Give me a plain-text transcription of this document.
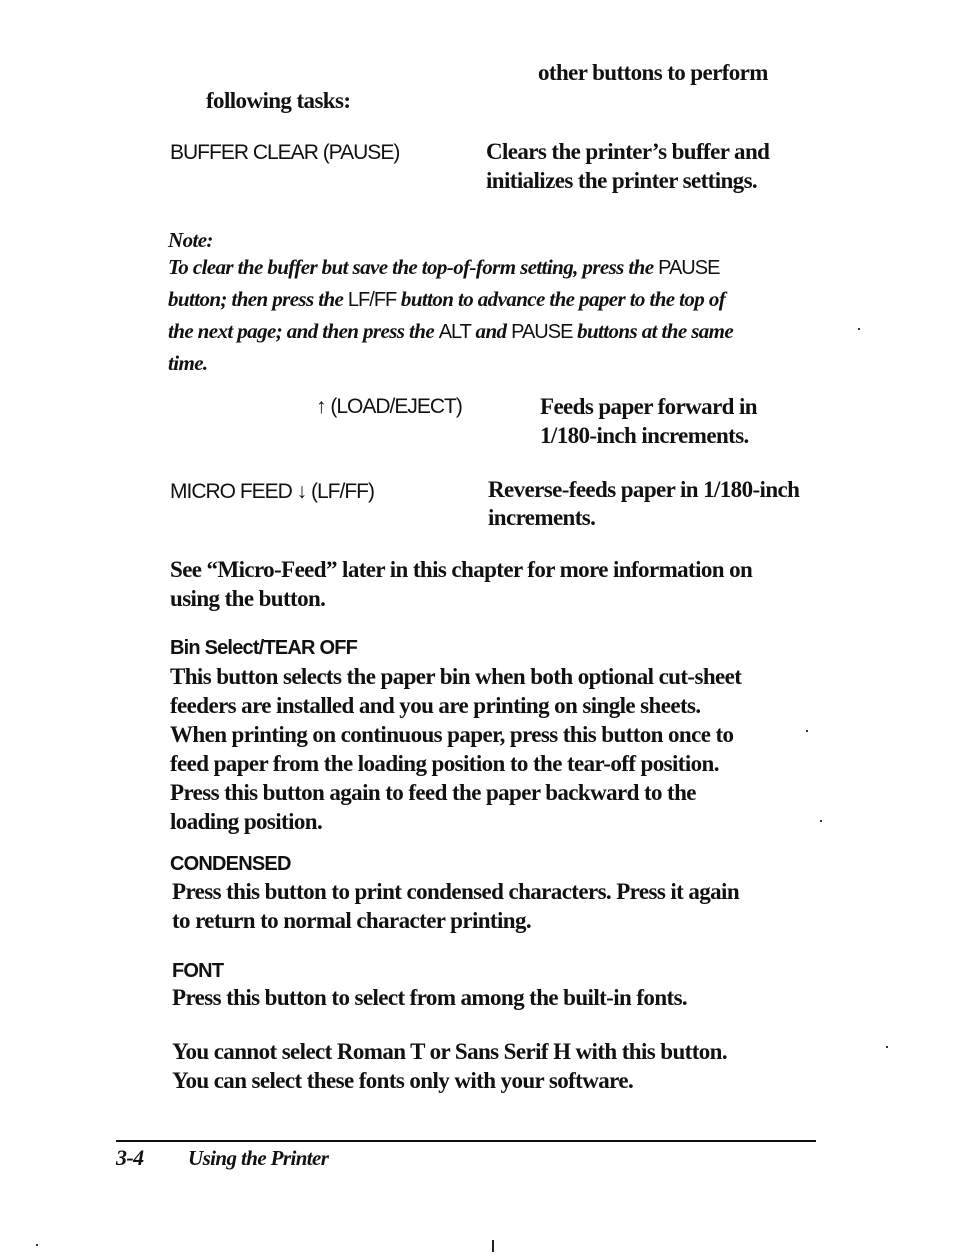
other buttons to perform
following tasks:
BUFFER CLEAR (PAUSE)	Clears the printer’s buffer and
initializes the printer settings.
Note:
To clear the buffer but save the top-of-form setting, press the PAUSE
button; then press the LF/FF button to advance the paper to the top of
the next page; and then press the ALT and PAUSE buttons at the same
time.
↑ (LOAD/EJECT)	Feeds paper forward in
1/180-inch increments.
MICRO FEED ↓ (LF/FF)	Reverse-feeds paper in 1/180-inch
increments.
See “Micro-Feed” later in this chapter for more information on
using the button.
Bin Select/TEAR OFF
This button selects the paper bin when both optional cut-sheet
feeders are installed and you are printing on single sheets.
When printing on continuous paper, press this button once to
feed paper from the loading position to the tear-off position.
Press this button again to feed the paper backward to the
loading position.
CONDENSED
Press this button to print condensed characters. Press it again
to return to normal character printing.
FONT
Press this button to select from among the built-in fonts.
You cannot select Roman T or Sans Serif H with this button.
You can select these fonts only with your software.
3-4 Using the Printer
